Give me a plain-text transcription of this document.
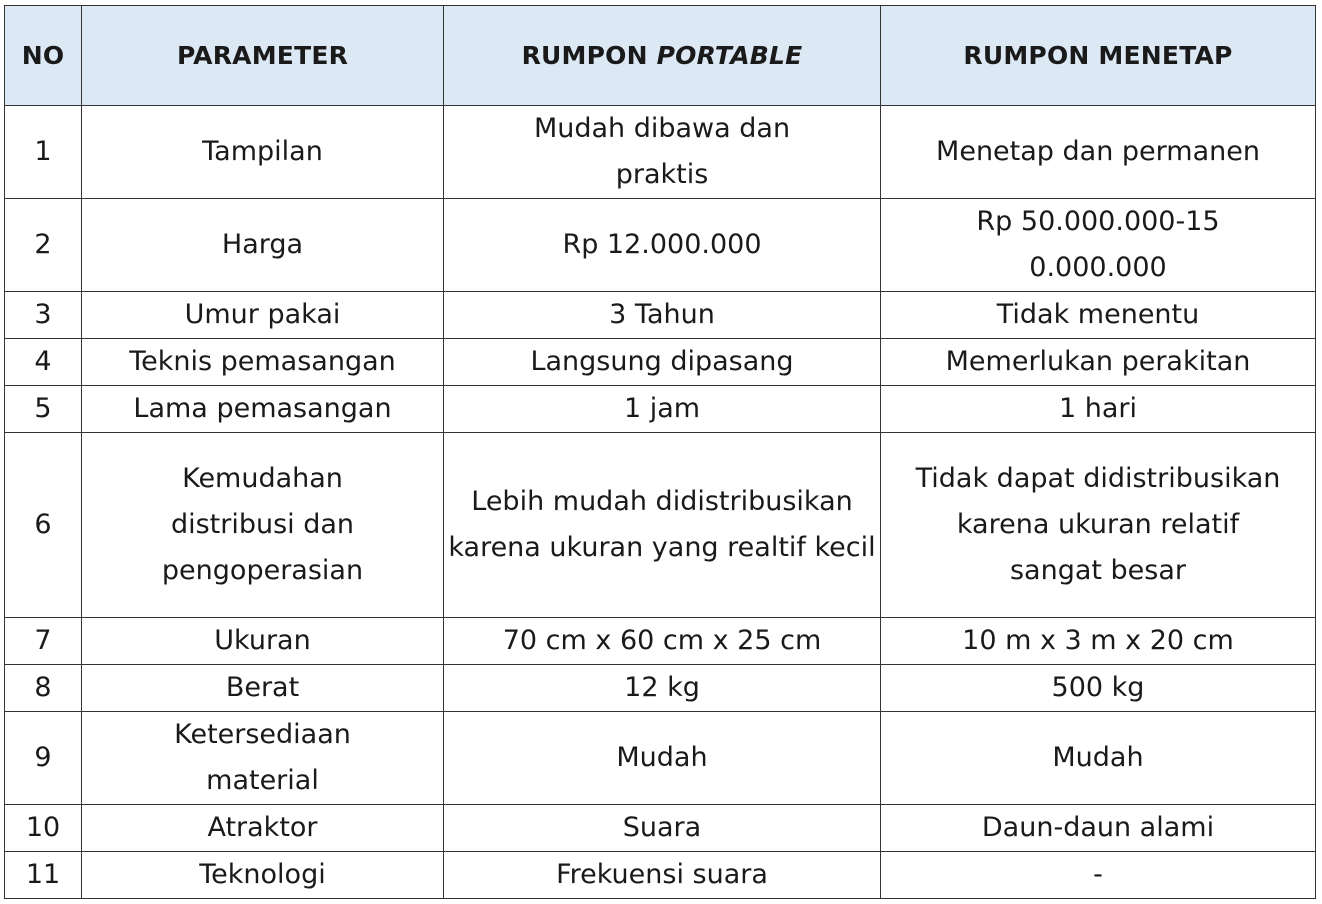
NO	PARAMETER	RUMPON PORTABLE	RUMPON MENETAP
1	Tampilan	Mudah dibawa dan praktis	Menetap dan permanen
2	Harga	Rp 12.000.000	Rp 50.000.000-150.000.000
3	Umur pakai	3 Tahun	Tidak menentu
4	Teknis pemasangan	Langsung dipasang	Memerlukan perakitan
5	Lama pemasangan	1 jam	1 hari
6	Kemudahan distribusi dan pengoperasian	Lebih mudah didistribusikan karena ukuran yang realtif kecil	Tidak dapat didistribusikan karena ukuran relatif sangat besar
7	Ukuran	70 cm x 60 cm x 25 cm	10 m x 3 m x 20 cm
8	Berat	12 kg	500 kg
9	Ketersediaan material	Mudah	Mudah
10	Atraktor	Suara	Daun-daun alami
11	Teknologi	Frekuensi suara	-
